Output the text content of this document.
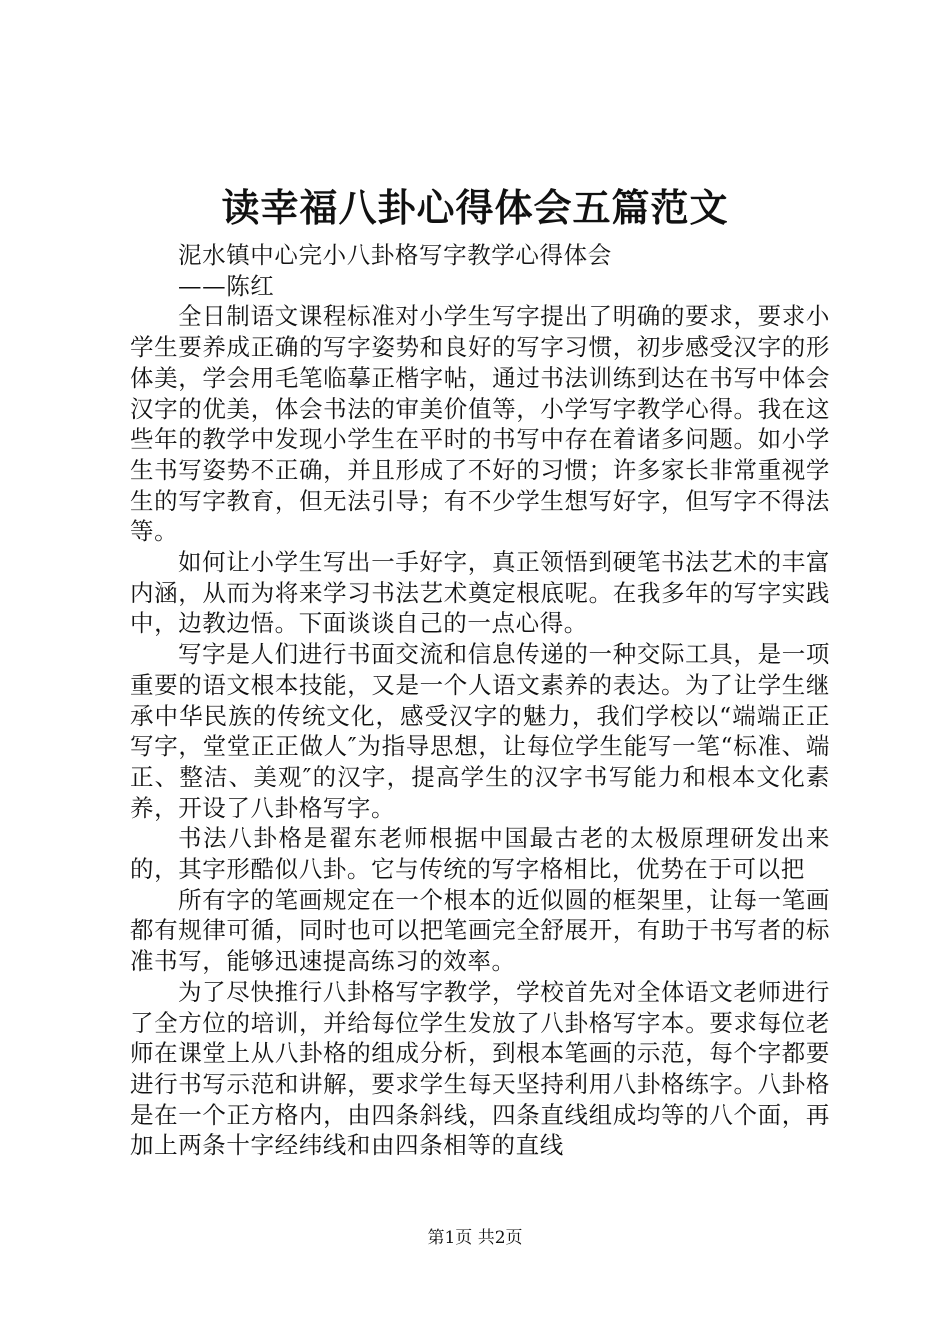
读幸福八卦心得体会五篇范文

泥水镇中心完小八卦格写字教学心得体会

——陈红

全日制语文课程标准对小学生写字提出了明确的要求，要求小学生要养成正确的写字姿势和良好的写字习惯，初步感受汉字的形体美，学会用毛笔临摹正楷字帖，通过书法训练到达在书写中体会汉字的优美，体会书法的审美价值等，小学写字教学心得。我在这些年的教学中发现小学生在平时的书写中存在着诸多问题。如小学生书写姿势不正确，并且形成了不好的习惯；许多家长非常重视学生的写字教育，但无法引导；有不少学生想写好字，但写字不得法等。

如何让小学生写出一手好字，真正领悟到硬笔书法艺术的丰富内涵，从而为将来学习书法艺术奠定根底呢。在我多年的写字实践中，边教边悟。下面谈谈自己的一点心得。

写字是人们进行书面交流和信息传递的一种交际工具，是一项重要的语文根本技能，又是一个人语文素养的表达。为了让学生继承中华民族的传统文化，感受汉字的魅力，我们学校以“端端正正写字，堂堂正正做人″为指导思想，让每位学生能写一笔“标准、端正、整洁、美观″的汉字，提高学生的汉字书写能力和根本文化素养，开设了八卦格写字。

书法八卦格是翟东老师根据中国最古老的太极原理研发出来的，其字形酷似八卦。它与传统的写字格相比，优势在于可以把

所有字的笔画规定在一个根本的近似圆的框架里，让每一笔画都有规律可循，同时也可以把笔画完全舒展开，有助于书写者的标准书写，能够迅速提高练习的效率。

为了尽快推行八卦格写字教学，学校首先对全体语文老师进行了全方位的培训，并给每位学生发放了八卦格写字本。要求每位老师在课堂上从八卦格的组成分析，到根本笔画的示范，每个字都要进行书写示范和讲解，要求学生每天坚持利用八卦格练字。八卦格是在一个正方格内，由四条斜线，四条直线组成均等的八个面，再加上两条十字经纬线和由四条相等的直线

第1页 共2页
